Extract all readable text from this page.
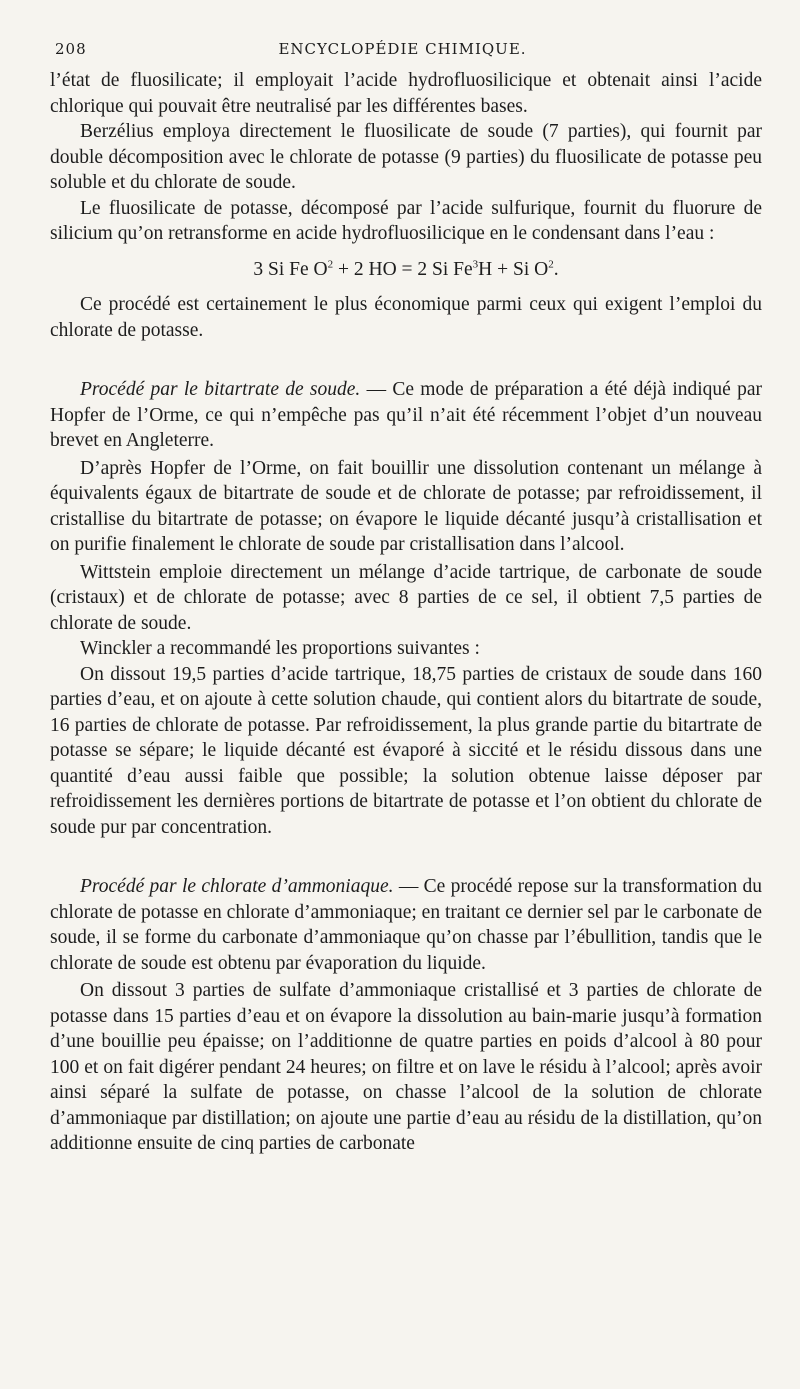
208	ENCYCLOPÉDIE CHIMIQUE.

l’état de fluosilicate; il employait l’acide hydrofluosilicique et obtenait ainsi l’acide chlorique qui pouvait être neutralisé par les différentes bases.

Berzélius employa directement le fluosilicate de soude (7 parties), qui fournit par double décomposition avec le chlorate de potasse (9 parties) du fluosilicate de potasse peu soluble et du chlorate de soude.

Le fluosilicate de potasse, décomposé par l’acide sulfurique, fournit du fluorure de silicium qu’on retransforme en acide hydrofluosilicique en le condensant dans l’eau :

3 Si Fe $O^2 + 2$ HO = 2 Si $Fe^3H + Si$ $O^2$.

Ce procédé est certainement le plus économique parmi ceux qui exigent l’emploi du chlorate de potasse.

Procédé par le bitartrate de soude. — Ce mode de préparation a été déjà indiqué par Hopfer de l’Orme, ce qui n’empêche pas qu’il n’ait été récemment l’objet d’un nouveau brevet en Angleterre.

D’après Hopfer de l’Orme, on fait bouillir une dissolution contenant un mélange à équivalents égaux de bitartrate de soude et de chlorate de potasse; par refroidissement, il cristallise du bitartrate de potasse; on évapore le liquide décanté jusqu’à cristallisation et on purifie finalement le chlorate de soude par cristallisation dans l’alcool.

Wittstein emploie directement un mélange d’acide tartrique, de carbonate de soude (cristaux) et de chlorate de potasse; avec 8 parties de ce sel, il obtient 7,5 parties de chlorate de soude.

Winckler a recommandé les proportions suivantes :

On dissout 19,5 parties d’acide tartrique, 18,75 parties de cristaux de soude dans 160 parties d’eau, et on ajoute à cette solution chaude, qui contient alors du bitartrate de soude, 16 parties de chlorate de potasse. Par refroidissement, la plus grande partie du bitartrate de potasse se sépare; le liquide décanté est évaporé à siccité et le résidu dissous dans une quantité d’eau aussi faible que possible; la solution obtenue laisse déposer par refroidissement les dernières portions de bitartrate de potasse et l’on obtient du chlorate de soude pur par concentration.

Procédé par le chlorate d’ammoniaque. — Ce procédé repose sur la transformation du chlorate de potasse en chlorate d’ammoniaque; en traitant ce dernier sel par le carbonate de soude, il se forme du carbonate d’ammoniaque qu’on chasse par l’ébullition, tandis que le chlorate de soude est obtenu par évaporation du liquide.

On dissout 3 parties de sulfate d’ammoniaque cristallisé et 3 parties de chlorate de potasse dans 15 parties d’eau et on évapore la dissolution au bain-marie jusqu’à formation d’une bouillie peu épaisse; on l’additionne de quatre parties en poids d’alcool à 80 pour 100 et on fait digérer pendant 24 heures; on filtre et on lave le résidu à l’alcool; après avoir ainsi séparé la sulfate de potasse, on chasse l’alcool de la solution de chlorate d’ammoniaque par distillation; on ajoute une partie d’eau au résidu de la distillation, qu’on additionne ensuite de cinq parties de carbonate
